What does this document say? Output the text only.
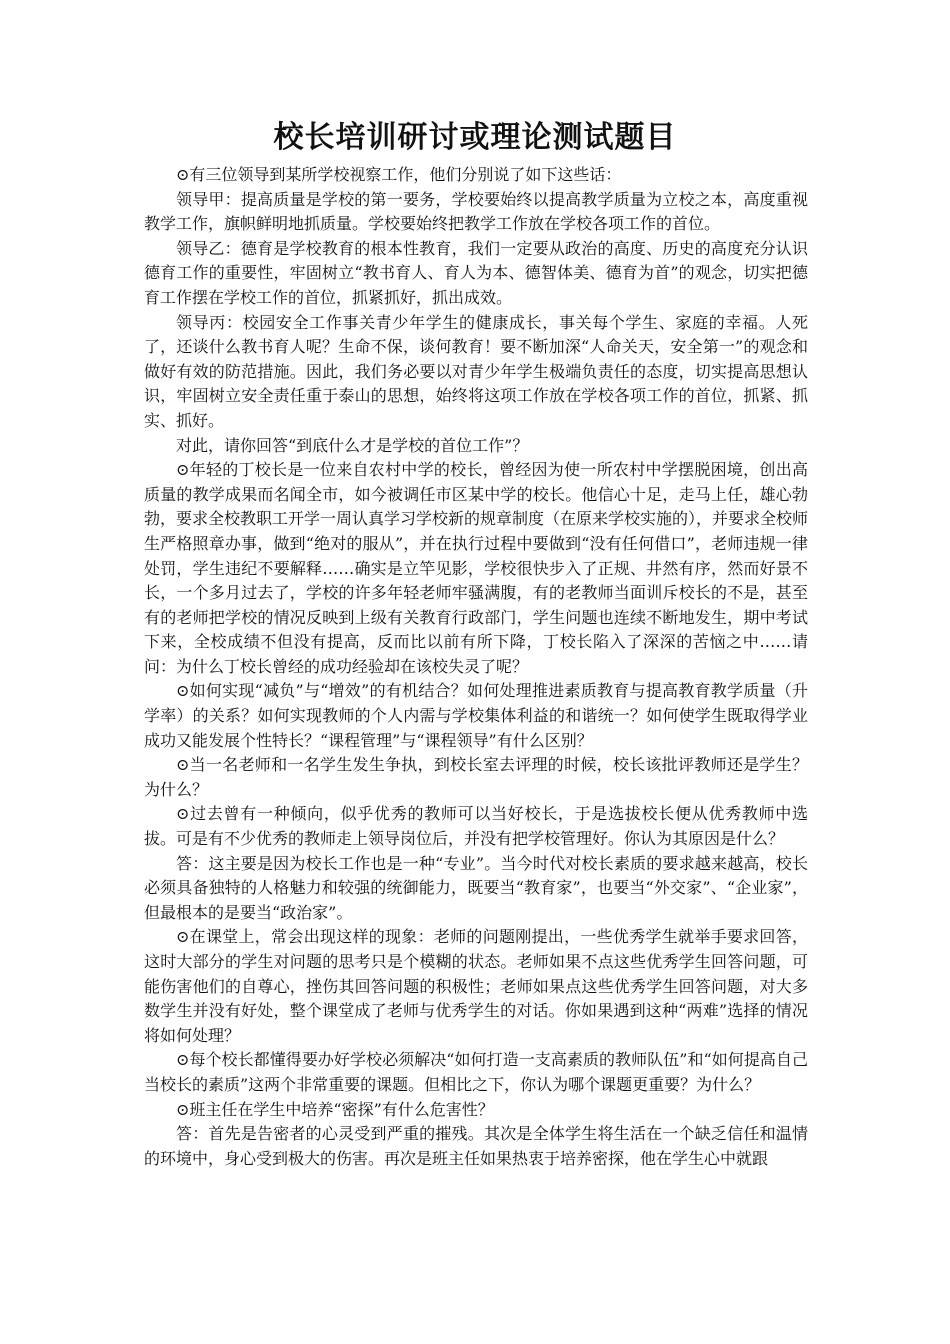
校长培训研讨或理论测试题目

⊙有三位领导到某所学校视察工作，他们分别说了如下这些话：

领导甲：提高质量是学校的第一要务，学校要始终以提高教学质量为立校之本，高度重视教学工作，旗帜鲜明地抓质量。学校要始终把教学工作放在学校各项工作的首位。

领导乙：德育是学校教育的根本性教育，我们一定要从政治的高度、历史的高度充分认识德育工作的重要性，牢固树立“教书育人、育人为本、德智体美、德育为首”的观念，切实把德育工作摆在学校工作的首位，抓紧抓好，抓出成效。

领导丙：校园安全工作事关青少年学生的健康成长，事关每个学生、家庭的幸福。人死了，还谈什么教书育人呢？生命不保，谈何教育！要不断加深“人命关天，安全第一”的观念和做好有效的防范措施。因此，我们务必要以对青少年学生极端负责任的态度，切实提高思想认识，牢固树立安全责任重于泰山的思想，始终将这项工作放在学校各项工作的首位，抓紧、抓实、抓好。

对此，请你回答“到底什么才是学校的首位工作”？

⊙年轻的丁校长是一位来自农村中学的校长，曾经因为使一所农村中学摆脱困境，创出高质量的教学成果而名闻全市，如今被调任市区某中学的校长。他信心十足，走马上任，雄心勃勃，要求全校教职工开学一周认真学习学校新的规章制度（在原来学校实施的），并要求全校师生严格照章办事，做到“绝对的服从”，并在执行过程中要做到“没有任何借口”，老师违规一律处罚，学生违纪不要解释……确实是立竿见影，学校很快步入了正规、井然有序，然而好景不长，一个多月过去了，学校的许多年轻老师牢骚满腹，有的老教师当面训斥校长的不是，甚至有的老师把学校的情况反映到上级有关教育行政部门，学生问题也连续不断地发生，期中考试下来，全校成绩不但没有提高，反而比以前有所下降，丁校长陷入了深深的苦恼之中……请问：为什么丁校长曾经的成功经验却在该校失灵了呢？

⊙如何实现“减负”与“增效”的有机结合？如何处理推进素质教育与提高教育教学质量（升学率）的关系？如何实现教师的个人内需与学校集体利益的和谐统一？如何使学生既取得学业成功又能发展个性特长？“课程管理”与“课程领导”有什么区别？

⊙当一名老师和一名学生发生争执，到校长室去评理的时候，校长该批评教师还是学生？为什么？

⊙过去曾有一种倾向，似乎优秀的教师可以当好校长，于是选拔校长便从优秀教师中选拔。可是有不少优秀的教师走上领导岗位后，并没有把学校管理好。你认为其原因是什么？

答：这主要是因为校长工作也是一种“专业”。当今时代对校长素质的要求越来越高，校长必须具备独特的人格魅力和较强的统御能力，既要当“教育家”，也要当“外交家”、“企业家”，但最根本的是要当“政治家”。

⊙在课堂上，常会出现这样的现象：老师的问题刚提出，一些优秀学生就举手要求回答，这时大部分的学生对问题的思考只是个模糊的状态。老师如果不点这些优秀学生回答问题，可能伤害他们的自尊心，挫伤其回答问题的积极性；老师如果点这些优秀学生回答问题，对大多数学生并没有好处，整个课堂成了老师与优秀学生的对话。你如果遇到这种“两难”选择的情况将如何处理？

⊙每个校长都懂得要办好学校必须解决“如何打造一支高素质的教师队伍”和“如何提高自己当校长的素质”这两个非常重要的课题。但相比之下，你认为哪个课题更重要？为什么？

⊙班主任在学生中培养“密探”有什么危害性？

答：首先是告密者的心灵受到严重的摧残。其次是全体学生将生活在一个缺乏信任和温情的环境中，身心受到极大的伤害。再次是班主任如果热衷于培养密探，他在学生心中就跟
